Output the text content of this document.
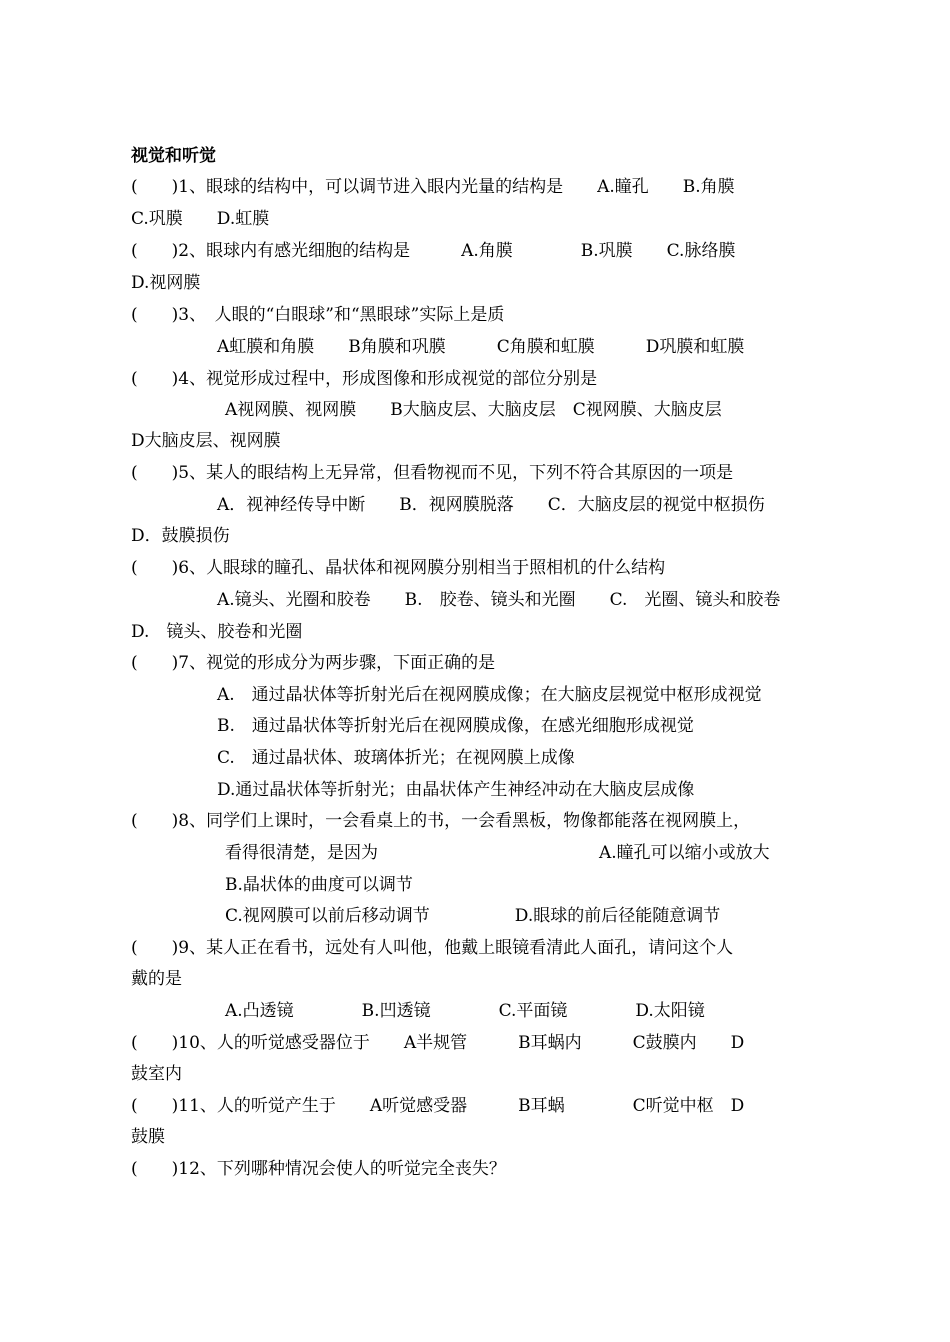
视觉和听觉
(　　)1、眼球的结构中，可以调节进入眼内光量的结构是　　A.瞳孔　　B.角膜
C.巩膜　　D.虹膜
(　　)2、眼球内有感光细胞的结构是　　　A.角膜　　　　B.巩膜　　C.脉络膜
D.视网膜
(　　)3、　人眼的“白眼球”和“黑眼球”实际上是质
A虹膜和角膜　　B角膜和巩膜　　　C角膜和虹膜　　　D巩膜和虹膜
(　　)4、视觉形成过程中，形成图像和形成视觉的部位分别是
A视网膜、视网膜　　B大脑皮层、大脑皮层　C视网膜、大脑皮层
D大脑皮层、视网膜
(　　)5、某人的眼结构上无异常，但看物视而不见，下列不符合其原因的一项是
A．视神经传导中断　　B．视网膜脱落　　C．大脑皮层的视觉中枢损伤
D．鼓膜损伤
(　　)6、人眼球的瞳孔、晶状体和视网膜分别相当于照相机的什么结构
A.镜头、光圈和胶卷　　B.　胶卷、镜头和光圈　　C.　光圈、镜头和胶卷
D.　镜头、胶卷和光圈
(　　)7、视觉的形成分为两步骤，下面正确的是
A.　通过晶状体等折射光后在视网膜成像；在大脑皮层视觉中枢形成视觉
B.　通过晶状体等折射光后在视网膜成像，在感光细胞形成视觉
C.　通过晶状体、玻璃体折光；在视网膜上成像
D.通过晶状体等折射光；由晶状体产生神经冲动在大脑皮层成像
(　　)8、同学们上课时，一会看桌上的书，一会看黑板，物像都能落在视网膜上，
看得很清楚，是因为　　　　　　　　　　　　　A.瞳孔可以缩小或放大
B.晶状体的曲度可以调节
C.视网膜可以前后移动调节　　　　　D.眼球的前后径能随意调节
(　　)9、某人正在看书，远处有人叫他，他戴上眼镜看清此人面孔，请问这个人
戴的是
A.凸透镜　　　　B.凹透镜　　　　C.平面镜　　　　D.太阳镜
(　　)10、人的听觉感受器位于　　A半规管　　　B耳蜗内　　　C鼓膜内　　D
鼓室内
(　　)11、人的听觉产生于　　A听觉感受器　　　B耳蜗　　　　C听觉中枢　D
鼓膜
(　　)12、下列哪种情况会使人的听觉完全丧失？
